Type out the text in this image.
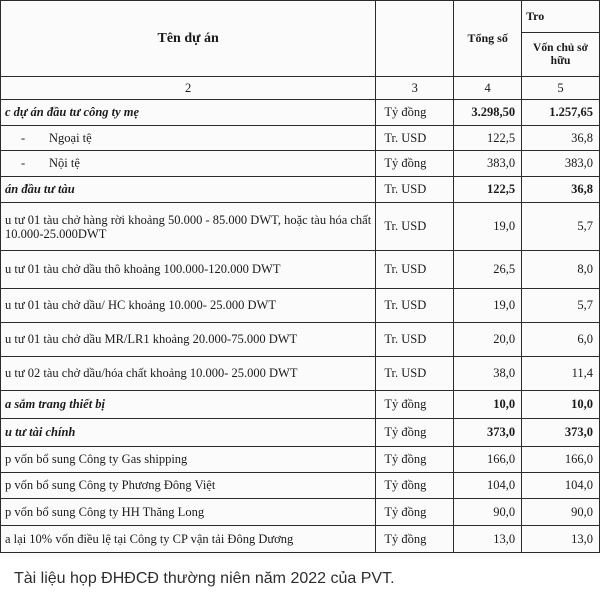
Tên dự án		Tổng số	Tro
			Vốn chủ sở hữu
2	3	4	5
c dự án đầu tư công ty mẹ	Tỷ đồng	3.298,50	1.257,65
- Ngoại tệ	Tr. USD	122,5	36,8
- Nội tệ	Tỷ đồng	383,0	383,0
án đầu tư tàu	Tr. USD	122,5	36,8
u tư 01 tàu chở hàng rời khoảng 50.000 - 85.000 DWT, hoặc tàu hóa chất 10.000-25.000DWT	Tr. USD	19,0	5,7
u tư 01 tàu chở dầu thô khoảng 100.000-120.000 DWT	Tr. USD	26,5	8,0
u tư 01 tàu chở dầu/ HC khoảng 10.000- 25.000 DWT	Tr. USD	19,0	5,7
u tư 01 tàu chở dầu MR/LR1 khoảng 20.000-75.000 DWT	Tr. USD	20,0	6,0
u tư 02 tàu chở dầu/hóa chất khoảng 10.000- 25.000 DWT	Tr. USD	38,0	11,4
a sắm trang thiết bị	Tỷ đồng	10,0	10,0
u tư tài chính	Tỷ đồng	373,0	373,0
p vốn bổ sung Công ty Gas shipping	Tỷ đồng	166,0	166,0
p vốn bổ sung Công ty Phương Đông Việt	Tỷ đồng	104,0	104,0
p vốn bổ sung Công ty HH Thăng Long	Tỷ đồng	90,0	90,0
a lại 10% vốn điều lệ tại Công ty CP vận tải Đông Dương	Tỷ đồng	13,0	13,0
Tài liệu họp ĐHĐCĐ thường niên năm 2022 của PVT.
